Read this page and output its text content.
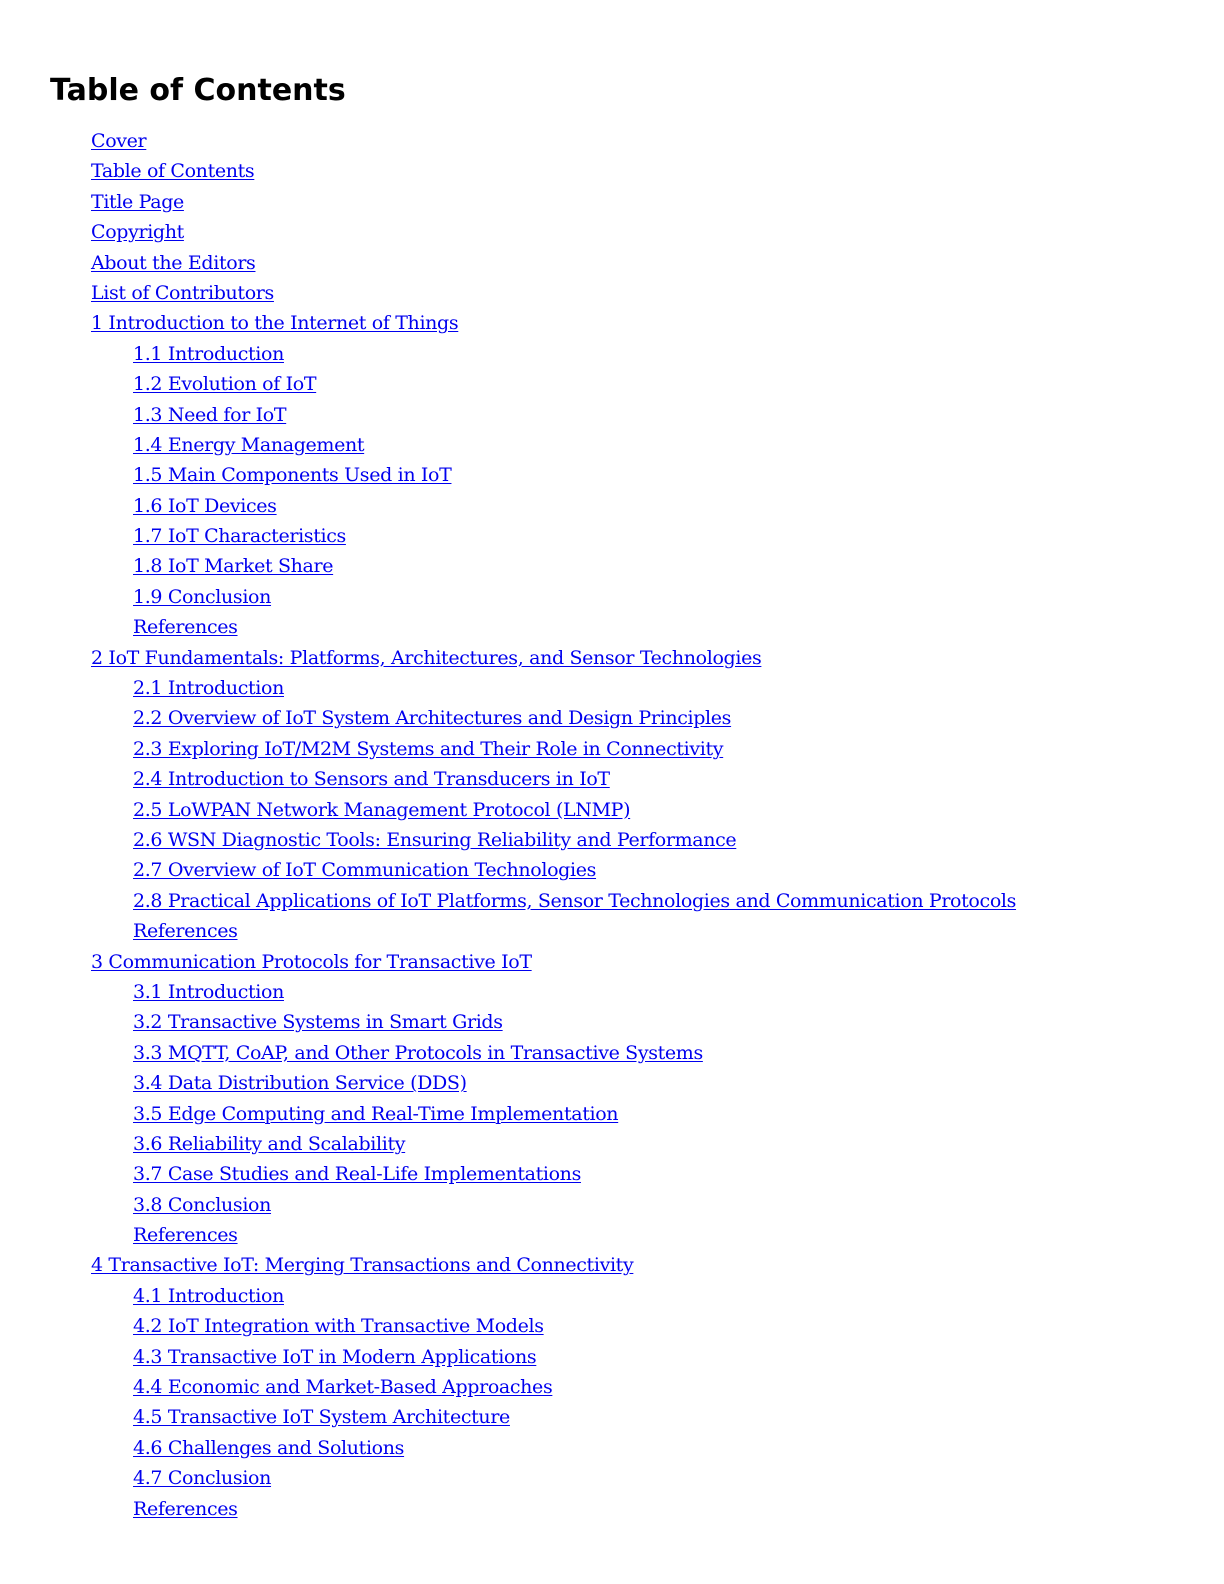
Table of Contents
Cover
Table of Contents
Title Page
Copyright
About the Editors
List of Contributors
1 Introduction to the Internet of Things
1.1 Introduction
1.2 Evolution of IoT
1.3 Need for IoT
1.4 Energy Management
1.5 Main Components Used in IoT
1.6 IoT Devices
1.7 IoT Characteristics
1.8 IoT Market Share
1.9 Conclusion
References
2 IoT Fundamentals: Platforms, Architectures, and Sensor Technologies
2.1 Introduction
2.2 Overview of IoT System Architectures and Design Principles
2.3 Exploring IoT/M2M Systems and Their Role in Connectivity
2.4 Introduction to Sensors and Transducers in IoT
2.5 LoWPAN Network Management Protocol (LNMP)
2.6 WSN Diagnostic Tools: Ensuring Reliability and Performance
2.7 Overview of IoT Communication Technologies
2.8 Practical Applications of IoT Platforms, Sensor Technologies and Communication Protocols
References
3 Communication Protocols for Transactive IoT
3.1 Introduction
3.2 Transactive Systems in Smart Grids
3.3 MQTT, CoAP, and Other Protocols in Transactive Systems
3.4 Data Distribution Service (DDS)
3.5 Edge Computing and Real-Time Implementation
3.6 Reliability and Scalability
3.7 Case Studies and Real-Life Implementations
3.8 Conclusion
References
4 Transactive IoT: Merging Transactions and Connectivity
4.1 Introduction
4.2 IoT Integration with Transactive Models
4.3 Transactive IoT in Modern Applications
4.4 Economic and Market-Based Approaches
4.5 Transactive IoT System Architecture
4.6 Challenges and Solutions
4.7 Conclusion
References
